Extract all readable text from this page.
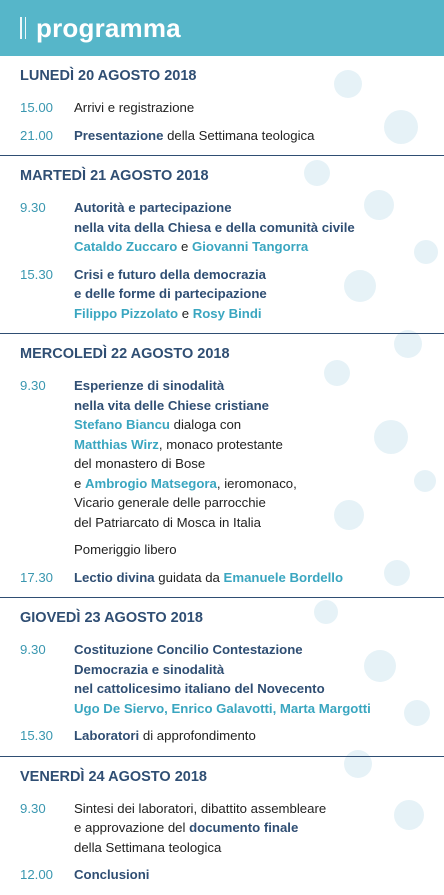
programma
LUNEDÌ 20 AGOSTO 2018
15.00	Arrivi e registrazione
21.00	Presentazione della Settimana teologica
MARTEDÌ 21 AGOSTO 2018
9.30	Autorità e partecipazione
nella vita della Chiesa e della comunità civile
Cataldo Zuccaro e Giovanni Tangorra
15.30	Crisi e futuro della democrazia
e delle forme di partecipazione
Filippo Pizzolato e Rosy Bindi
MERCOLEDÌ 22 AGOSTO 2018
9.30	Esperienze di sinodalità
nella vita delle Chiese cristiane
Stefano Biancu dialoga con
Matthias Wirz, monaco protestante
del monastero di Bose
e Ambrogio Matsegora, ieromonaco,
Vicario generale delle parrocchie
del Patriarcato di Mosca in Italia
Pomeriggio libero
17.30	Lectio divina guidata da Emanuele Bordello
GIOVEDÌ 23 AGOSTO 2018
9.30	Costituzione Concilio Contestazione
Democrazia e sinodalità
nel cattolicesimo italiano del Novecento
Ugo De Siervo, Enrico Galavotti, Marta Margotti
15.30	Laboratori di approfondimento
VENERDÌ 24 AGOSTO 2018
9.30	Sintesi dei laboratori, dibattito assembleare
e approvazione del documento finale
della Settimana teologica
12.00	Conclusioni
